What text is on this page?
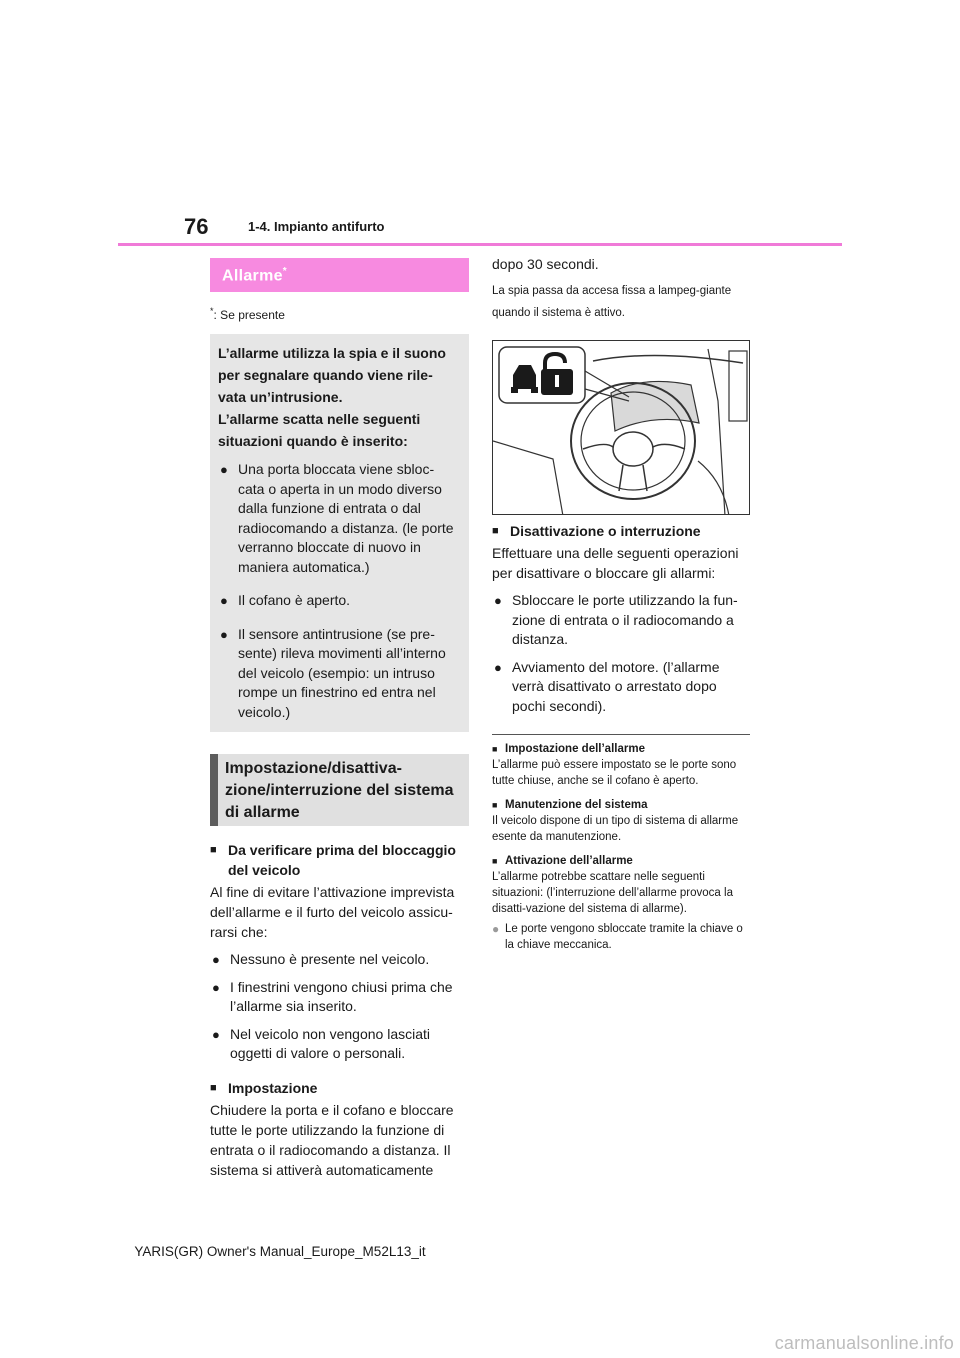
76	1-4. Impianto antifurto
Allarme*
*: Se presente

L’allarme utilizza la spia e il suono

per segnalare quando viene rile-

vata un’intrusione.

L’allarme scatta nelle seguenti

situazioni quando è inserito:

● Una porta bloccata viene sbloc-cata o aperta in un modo diverso dalla funzione di entrata o dal radiocomando a distanza. (le porte verranno bloccate di nuovo in maniera automatica.)
● Il cofano è aperto.
● Il sensore antintrusione (se pre-sente) rileva movimenti all’interno del veicolo (esempio: un intruso rompe un finestrino ed entra nel veicolo.)
Impostazione/disattiva-zione/interruzione del sistema di allarme
■ Da verificare prima del bloccaggio del veicolo
Al fine di evitare l’attivazione imprevista dell’allarme e il furto del veicolo assicu-rarsi che:
● Nessuno è presente nel veicolo.
● I finestrini vengono chiusi prima che l’allarme sia inserito.
● Nel veicolo non vengono lasciati oggetti di valore o personali.
■ Impostazione
Chiudere la porta e il cofano e bloccare tutte le porte utilizzando la funzione di entrata o il radiocomando a distanza. Il sistema si attiverà automaticamente
dopo 30 secondi.
La spia passa da accesa fissa a lampeg-giante quando il sistema è attivo.
■ Disattivazione o interruzione
Effettuare una delle seguenti operazioni per disattivare o bloccare gli allarmi:
● Sbloccare le porte utilizzando la fun-zione di entrata o il radiocomando a distanza.
● Avviamento del motore. (l’allarme verrà disattivato o arrestato dopo pochi secondi).
■ Impostazione dell’allarme
L’allarme può essere impostato se le porte sono tutte chiuse, anche se il cofano è aperto.
■ Manutenzione del sistema
Il veicolo dispone di un tipo di sistema di allarme esente da manutenzione.
■ Attivazione dell’allarme
L’allarme potrebbe scattare nelle seguenti situazioni: (l’interruzione dell’allarme provoca la disatti-vazione del sistema di allarme).
● Le porte vengono sbloccate tramite la chiave o la chiave meccanica.
YARIS(GR) Owner's Manual_Europe_M52L13_it
carmanualsonline.info
